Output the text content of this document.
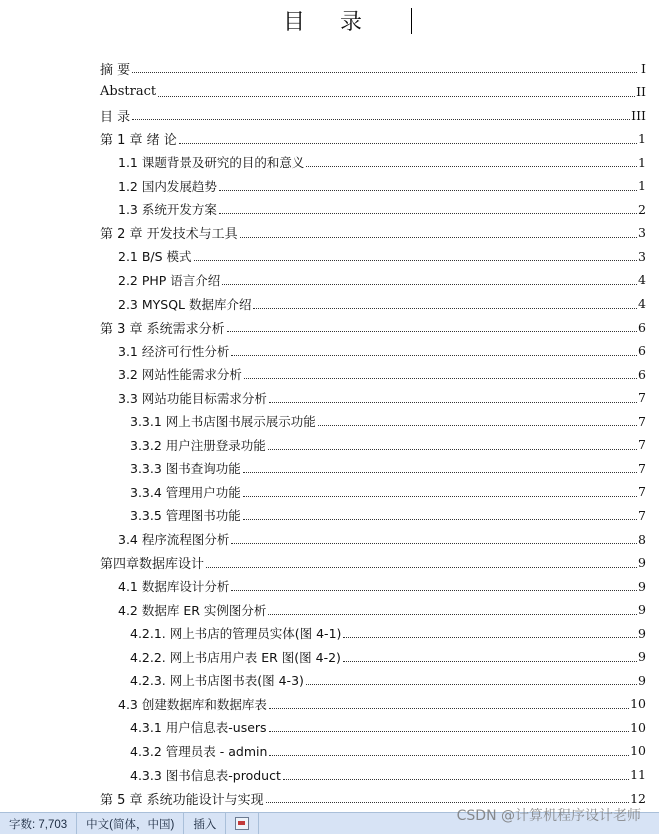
目 录
摘 要	I
Abstract	II
目 录	III
第 1 章 绪 论	1
1.1 课题背景及研究的目的和意义	1
1.2 国内发展趋势	1
1.3 系统开发方案	2
第 2 章 开发技术与工具	3
2.1 B/S 模式	3
2.2 PHP 语言介绍	4
2.3 MYSQL 数据库介绍	4
第 3 章 系统需求分析	6
3.1 经济可行性分析	6
3.2 网站性能需求分析	6
3.3 网站功能目标需求分析	7
3.3.1 网上书店图书展示展示功能	7
3.3.2 用户注册登录功能	7
3.3.3 图书查询功能	7
3.3.4 管理用户功能	7
3.3.5 管理图书功能	7
3.4 程序流程图分析	8
第四章数据库设计	9
4.1 数据库设计分析	9
4.2 数据库 ER 实例图分析	9
4.2.1. 网上书店的管理员实体(图 4-1)	9
4.2.2. 网上书店用户表 ER 图(图 4-2)	9
4.2.3. 网上书店图书表(图 4-3)	9
4.3 创建数据库和数据库表	10
4.3.1 用户信息表-users	10
4.3.2 管理员表 - admin	10
4.3.3 图书信息表-product	11
第 5 章 系统功能设计与实现	12
字数: 7,703	中文(简体，中国)	插入
CSDN @计算机程序设计老师
